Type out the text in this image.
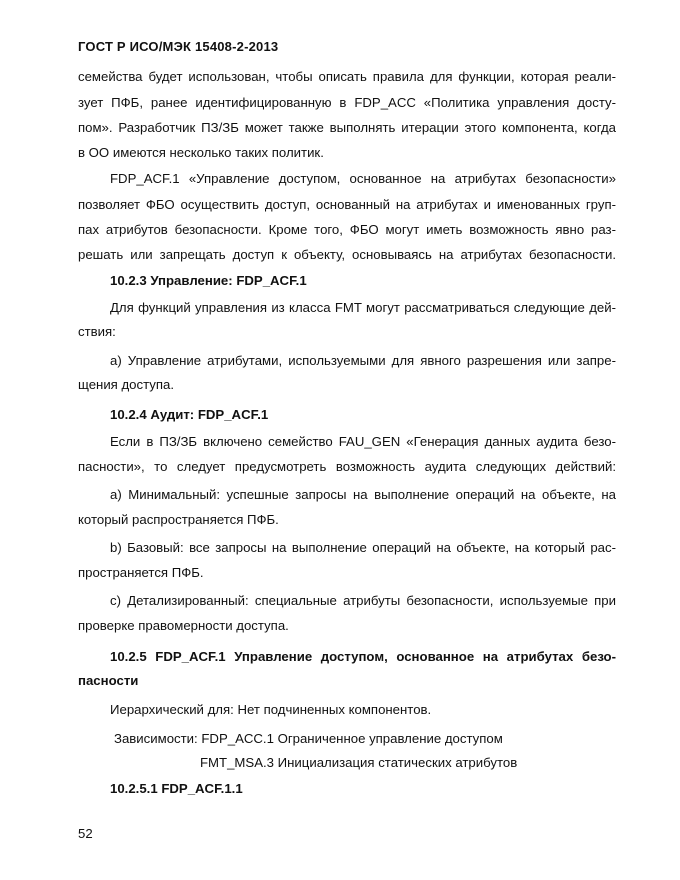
ГОСТ Р ИСО/МЭК 15408-2-2013
семейства будет использован, чтобы описать правила для функции, которая реали-
зует ПФБ, ранее идентифицированную в FDP_ACC «Политика управления досту-
пом». Разработчик ПЗ/ЗБ может также выполнять итерации этого компонента, когда
в ОО имеются несколько таких политик.
FDP_ACF.1 «Управление доступом, основанное на атрибутах безопасности»
позволяет ФБО осуществить доступ, основанный на атрибутах и именованных груп-
пах атрибутов безопасности. Кроме того, ФБО могут иметь возможность явно раз-
решать или запрещать доступ к объекту, основываясь на атрибутах безопасности.
10.2.3 Управление: FDP_ACF.1
Для функций управления из класса FMT могут рассматриваться следующие дей-
ствия:
а) Управление атрибутами, используемыми для явного разрешения или запре-
щения доступа.
10.2.4 Аудит: FDP_ACF.1
Если в ПЗ/ЗБ включено семейство FAU_GEN «Генерация данных аудита безо-
пасности», то следует предусмотреть возможность аудита следующих действий:
a) Минимальный: успешные запросы на выполнение операций на объекте, на
который распространяется ПФБ.
b) Базовый: все запросы на выполнение операций на объекте, на который рас-
пространяется ПФБ.
c) Детализированный: специальные атрибуты безопасности, используемые при
проверке правомерности доступа.
10.2.5 FDP_ACF.1 Управление доступом, основанное на атрибутах безо-
пасности
Иерархический для: Нет подчиненных компонентов.
Зависимости: FDP_ACC.1 Ограниченное управление доступом
FMT_MSA.3 Инициализация статических атрибутов
10.2.5.1 FDP_ACF.1.1
52
